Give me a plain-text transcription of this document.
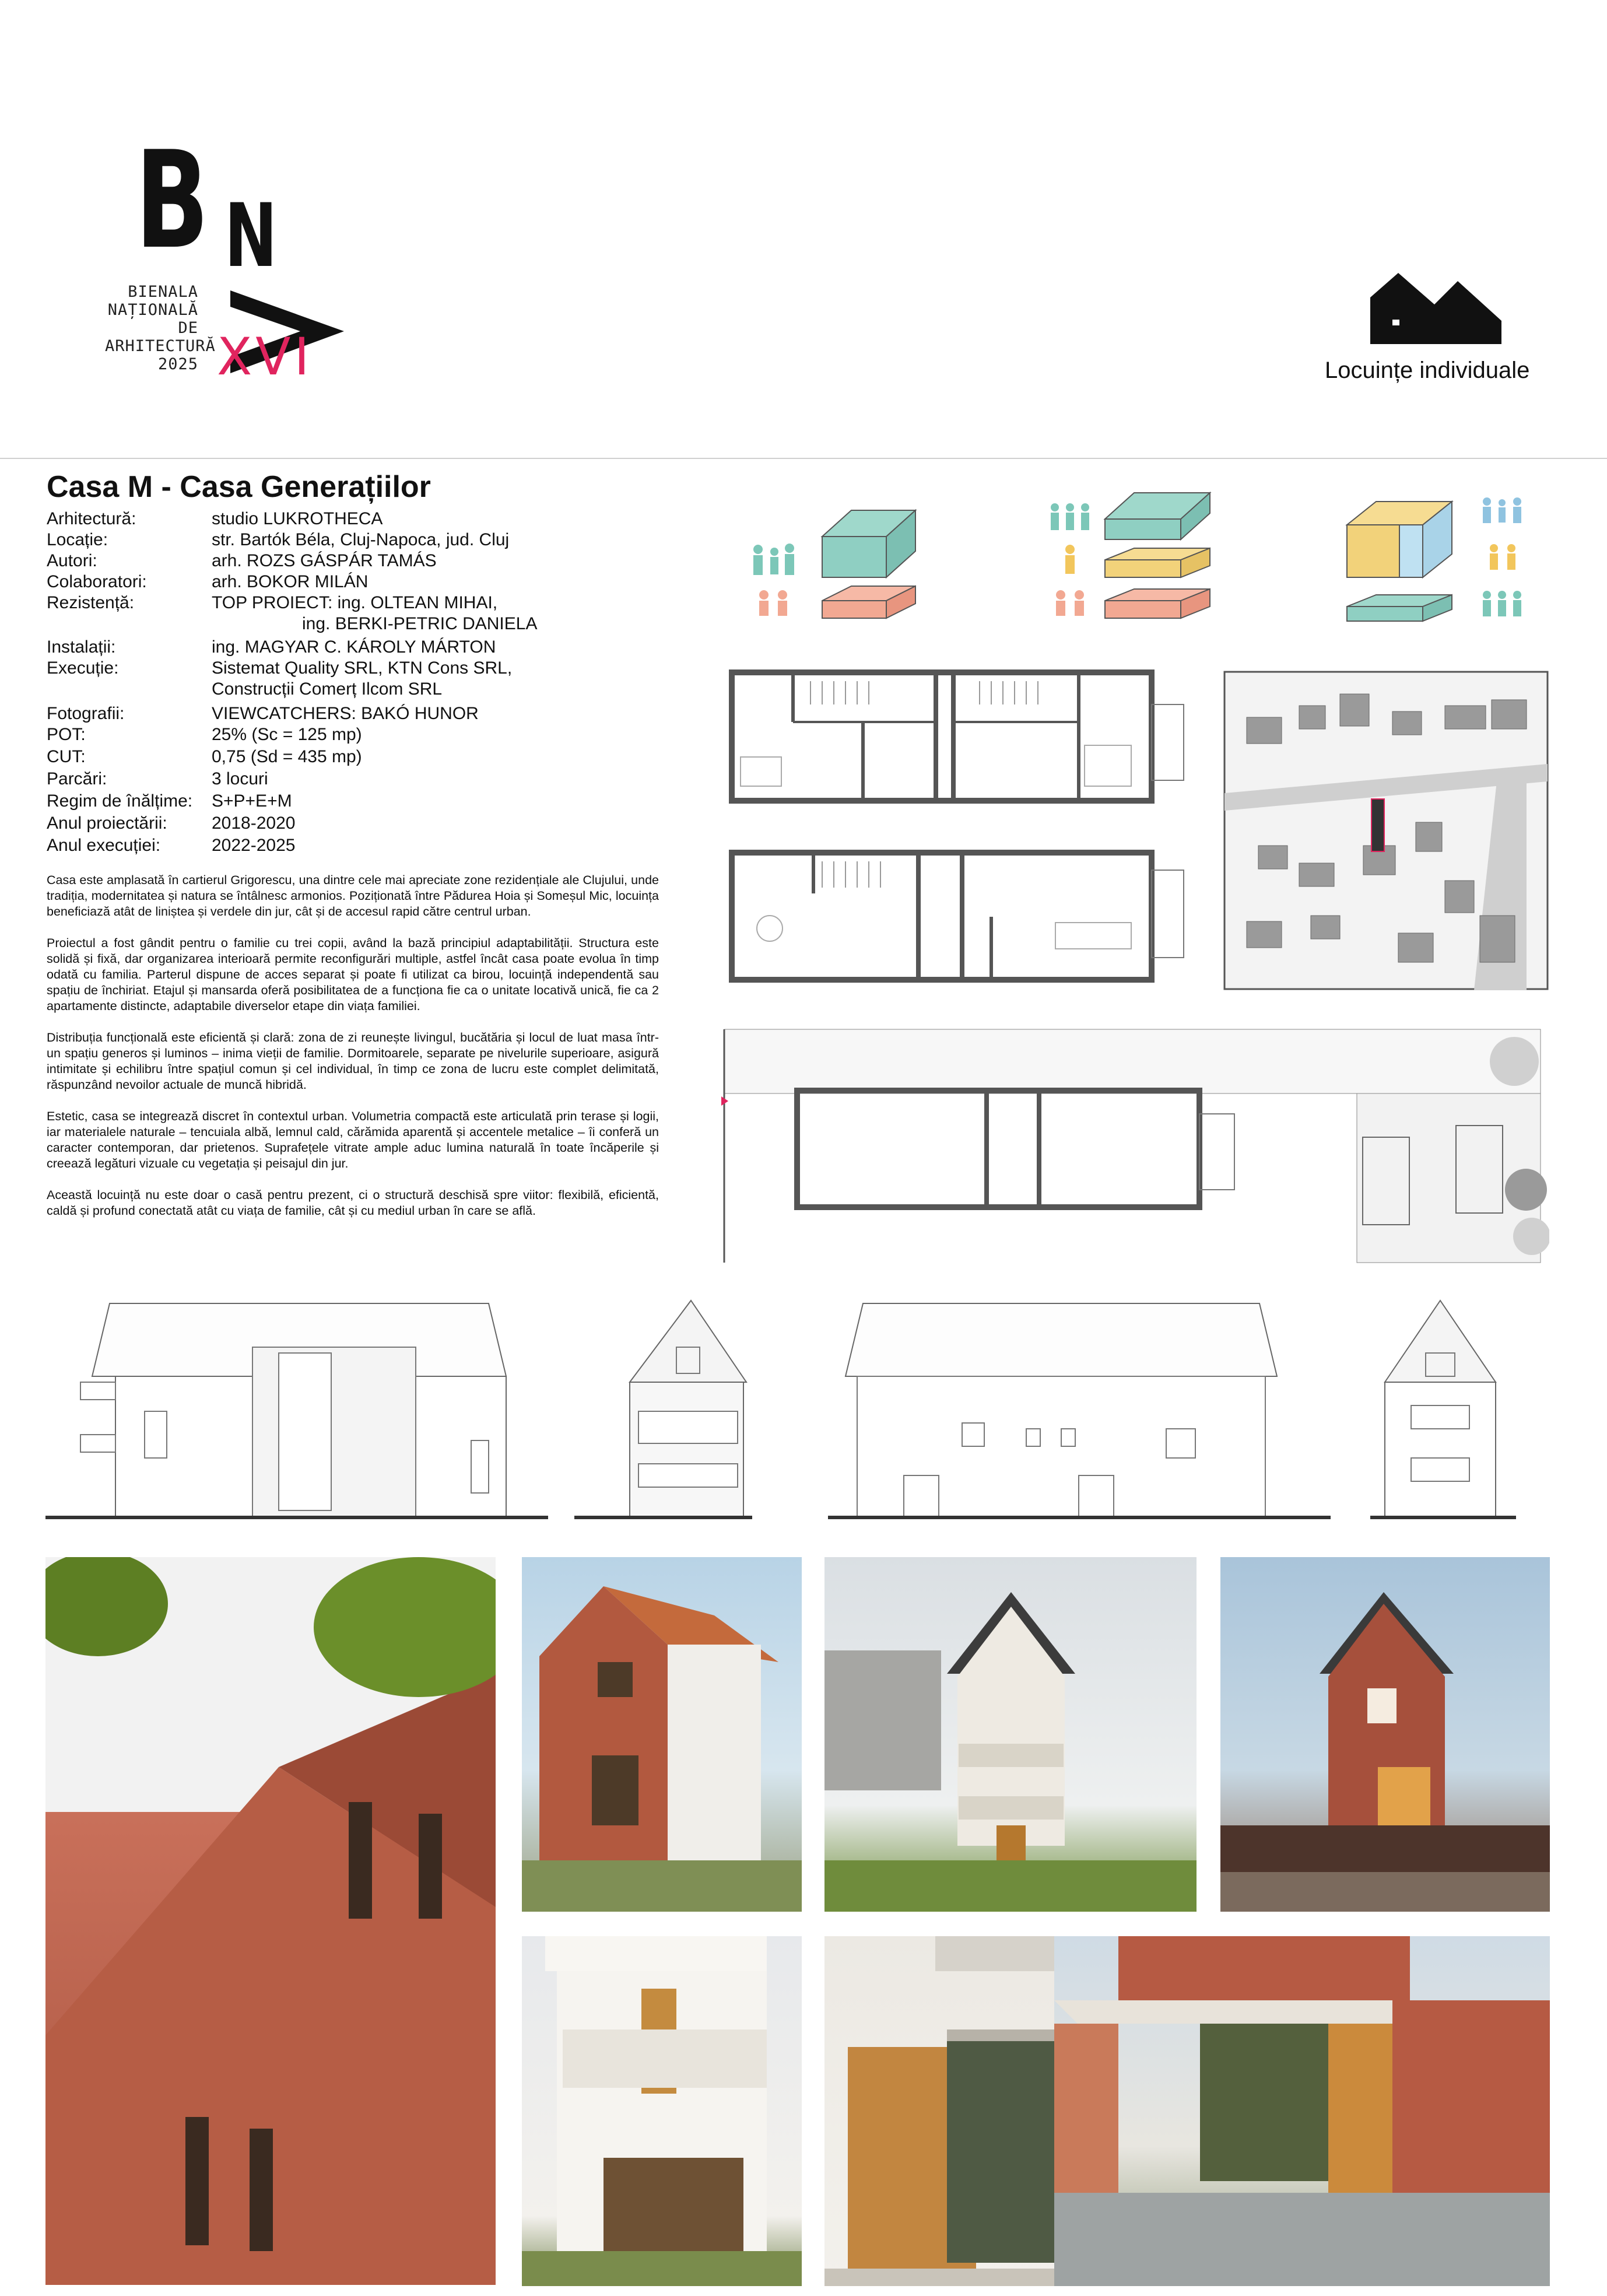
B N
BIENALA
NAȚIONALĂ
DE
ARHITECTURĂ
2025 XVI	Locuințe individuale
Casa M - Casa Generațiilor
Arhitectură:	studio LUKROTHECA
Locație:	str. Bartók Béla, Cluj-Napoca, jud. Cluj
Autori:	arh. ROZS GÁSPÁR TAMÁS
Colaboratori:	arh. BOKOR MILÁN
Rezistență:	TOP PROIECT: ing. OLTEAN MIHAI,
ing. BERKI-PETRIC DANIELA
Instalații:	ing. MAGYAR C. KÁROLY MÁRTON
Execuție:	Sistemat Quality SRL, KTN Cons SRL,
Construcții Comerț Ilcom SRL
Fotografii:	VIEWCATCHERS: BAKÓ HUNOR
POT:	25% (Sc = 125 mp)
CUT:	0,75 (Sd = 435 mp)
Parcări:	3 locuri
Regim de înălțime: S+P+E+M
Anul proiectării:	2018-2020
Anul execuției:	2022-2025

Casa este amplasată în cartierul Grigorescu, una dintre cele mai apreciate zone rezidențiale ale Clujului, unde tradiția, modernitatea și natura se întâlnesc armonios. Poziționată între Pădurea Hoia și Someșul Mic, locuința beneficiază atât de liniștea și verdele din jur, cât și de accesul rapid către centrul urban.

Proiectul a fost gândit pentru o familie cu trei copii, având la bază principiul adaptabilității. Structura este solidă și fixă, dar organizarea interioară permite reconfigurări multiple, astfel încât casa poate evolua în timp odată cu familia. Parterul dispune de acces separat și poate fi utilizat ca birou, locuință independentă sau spațiu de închiriat. Etajul și mansarda oferă posibilitatea de a funcționa fie ca o unitate locativă unică, fie ca 2 apartamente distincte, adaptabile diverselor etape din viața familiei.

Distribuția funcțională este eficientă și clară: zona de zi reunește livingul, bucătăria și locul de luat masa într-un spațiu generos și luminos – inima vieții de familie. Dormitoarele, separate pe nivelurile superioare, asigură intimitate și echilibru între spațiul comun și cel individual, în timp ce zona de lucru este complet delimitată, răspunzând nevoilor actuale de muncă hibridă.

Estetic, casa se integrează discret în contextul urban. Volumetria compactă este articulată prin terase și logii, iar materialele naturale – tencuiala albă, lemnul cald, cărămida aparentă și accentele metalice – îi conferă un caracter contemporan, dar prietenos. Suprafețele vitrate ample aduc lumina naturală în toate încăperile și creează legături vizuale cu vegetația și peisajul din jur.

Această locuință nu este doar o casă pentru prezent, ci o structură deschisă spre viitor: flexibilă, eficientă, caldă și profund conectată atât cu viața de familie, cât și cu mediul urban în care se află.
